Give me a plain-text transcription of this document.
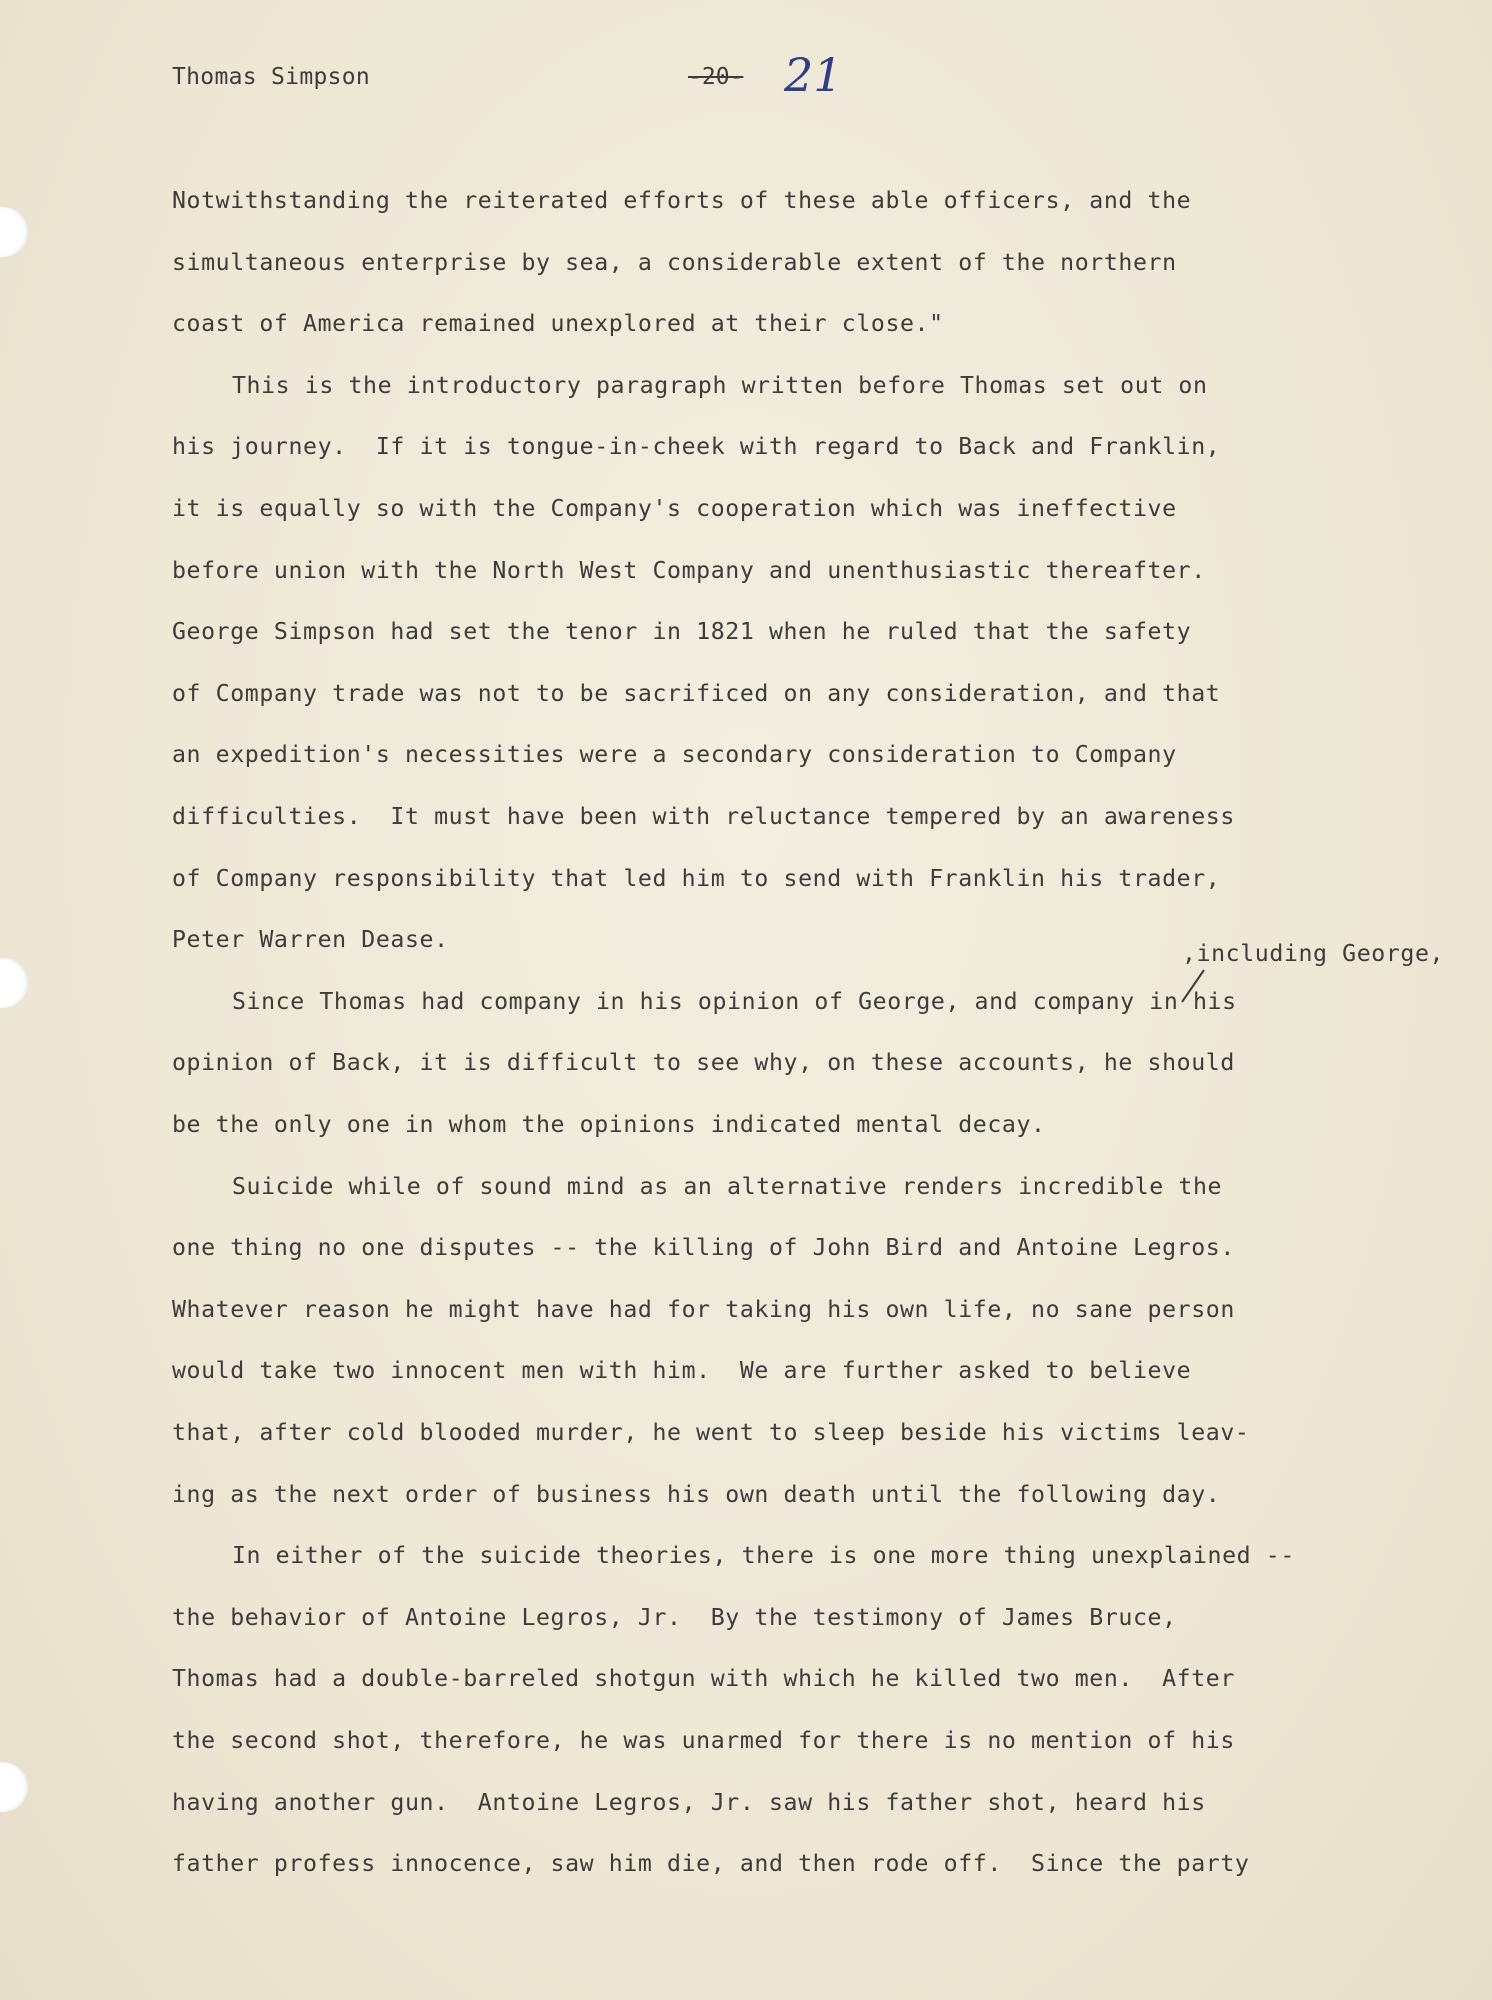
Thomas Simpson	-20- 21
,including George,
Notwithstanding the reiterated efforts of these able officers, and the
simultaneous enterprise by sea, a considerable extent of the northern
coast of America remained unexplored at their close."
This is the introductory paragraph written before Thomas set out on
his journey.  If it is tongue-in-cheek with regard to Back and Franklin,
it is equally so with the Company's cooperation which was ineffective
before union with the North West Company and unenthusiastic thereafter.
George Simpson had set the tenor in 1821 when he ruled that the safety
of Company trade was not to be sacrificed on any consideration, and that
an expedition's necessities were a secondary consideration to Company
difficulties.  It must have been with reluctance tempered by an awareness
of Company responsibility that led him to send with Franklin his trader,
Peter Warren Dease.
Since Thomas had company in his opinion of George, and company in his
opinion of Back, it is difficult to see why, on these accounts, he should
be the only one in whom the opinions indicated mental decay.
Suicide while of sound mind as an alternative renders incredible the
one thing no one disputes -- the killing of John Bird and Antoine Legros.
Whatever reason he might have had for taking his own life, no sane person
would take two innocent men with him.  We are further asked to believe
that, after cold blooded murder, he went to sleep beside his victims leav-
ing as the next order of business his own death until the following day.
In either of the suicide theories, there is one more thing unexplained --
the behavior of Antoine Legros, Jr.  By the testimony of James Bruce,
Thomas had a double-barreled shotgun with which he killed two men.  After
the second shot, therefore, he was unarmed for there is no mention of his
having another gun.  Antoine Legros, Jr. saw his father shot, heard his
father profess innocence, saw him die, and then rode off.  Since the party
